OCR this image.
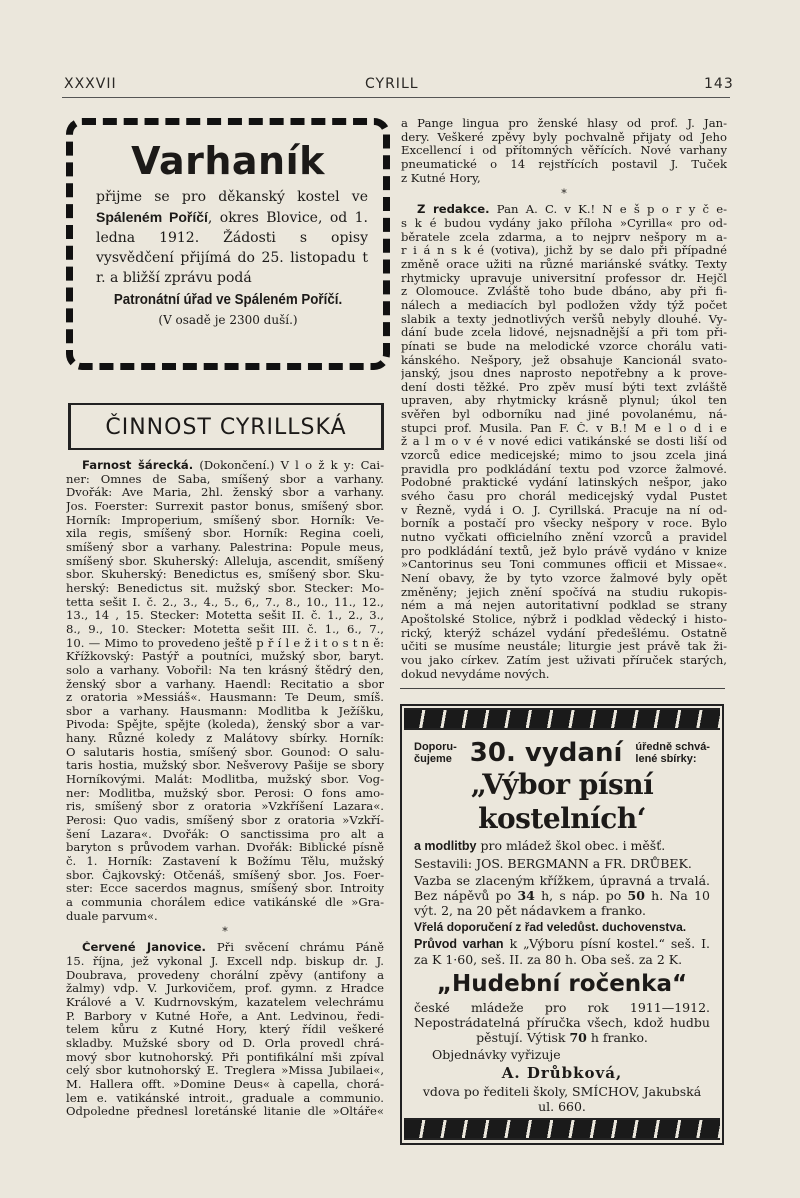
XXXVII	CYRILL	143
Varhaník
přijme se pro děkanský kostel ve Spáleném Poříčí, okres Blovice, od 1. ledna 1912. Žádosti s opisy vysvědčení přijímá do 25. listopadu t r. a bližší zprávu podá
Patronátní úřad ve Spáleném Poříčí.
(V osadě je 2300 duší.)
ČINNOST CYRILLSKÁ
Farnost šárecká. (Dokončení.) V l o ž k y: Cai-
ner: Omnes de Saba, smíšený sbor a varhany.
Dvořák: Ave Maria, 2hl. ženský sbor a varhany.
Jos. Foerster: Surrexit pastor bonus, smíšený sbor.
Horník: Improperium, smíšený sbor. Horník: Ve-
xila regis, smíšený sbor. Horník: Regina coeli,
smíšený sbor a varhany. Palestrina: Popule meus,
smíšený sbor. Skuherský: Alleluja, ascendit, smíšený
sbor. Skuherský: Benedictus es, smíšený sbor. Sku-
herský: Benedictus sit. mužský sbor. Stecker: Mo-
tetta sešit I. č. 2., 3., 4., 5., 6,, 7., 8., 10., 11., 12.,
13., 14 , 15. Stecker: Motetta sešit II. č. 1., 2., 3.,
8., 9., 10. Stecker: Motetta sešit III. č. 1., 6., 7.,
10. — Mimo to provedeno ještě p ř í l e ž i t o s t n ě:
Křížkovský: Pastýř a poutníci, mužský sbor, baryt.
solo a varhany. Vobořil: Na ten krásný štědrý den,
ženský sbor a varhany. Haendl: Recitatio a sbor
z oratoria »Messiáš«. Hausmann: Te Deum, smíš.
sbor a varhany. Hausmann: Modlitba k Ježíšku,
Pivoda: Spějte, spějte (koleda), ženský sbor a var-
hany. Různé koledy z Malátovy sbírky. Horník:
O salutaris hostia, smíšený sbor. Gounod: O salu-
taris hostia, mužský sbor. Nešverovy Pašije se sbory
Horníkovými. Malát: Modlitba, mužský sbor. Vog-
ner: Modlitba, mužský sbor. Perosi: O fons amo-
ris, smíšený sbor z oratoria »Vzkříšení Lazara«.
Perosi: Quo vadis, smíšený sbor z oratoria »Vzkří-
šení Lazara«. Dvořák: O sanctissima pro alt a
baryton s průvodem varhan. Dvořák: Biblické písně
č. 1. Horník: Zastavení k Božímu Tělu, mužský
sbor. Čajkovský: Otčenáš, smíšený sbor. Jos. Foer-
ster: Ecce sacerdos magnus, smíšený sbor. Introity
a communia chorálem edice vatikánské dle »Gra-
duale parvum«.
*
Červené Janovice. Při svěcení chrámu Páně
15. října, jež vykonal J. Excell ndp. biskup dr. J.
Doubrava, provedeny chorální zpěvy (antifony a
žalmy) vdp. V. Jurkovičem, prof. gymn. z Hradce
Králové a V. Kudrnovským, kazatelem velechrámu
P. Barbory v Kutné Hoře, a Ant. Ledvinou, ředi-
telem kůru z Kutné Hory, který řídil veškeré
skladby. Mužské sbory od D. Orla provedl chrá-
mový sbor kutnohorský. Při pontifikální mši zpíval
celý sbor kutnohorský E. Treglera »Missa Jubilaei«,
M. Hallera offt. »Domine Deus« à capella, chorá-
lem e. vatikánské introit., graduale a communio.
Odpoledne přednesl loretánské litanie dle »Oltáře«
a Pange lingua pro ženské hlasy od prof. J. Jan-
dery. Veškeré zpěvy byly pochvalně přijaty od Jeho
Excellencí i od přítomných věřících. Nové varhany
pneumatické o 14 rejstřících postavil J. Tuček
z Kutné Hory,
*
Z redakce. Pan A. C. v K.! N e š p o r y č e-
s k é budou vydány jako příloha »Cyrilla« pro od-
běratele zcela zdarma, a to nejprv nešpory m a-
r i á n s k é (votiva), jichž by se dalo při případné
změně orace užiti na různé mariánské svátky. Texty
rhytmicky upravuje universitní professor dr. Hejčl
z Olomouce. Zvláště toho bude dbáno, aby při fi-
nálech a mediacích byl podložen vždy týž počet
slabik a texty jednotlivých veršů nebyly dlouhé. Vy-
dání bude zcela lidové, nejsnadnější a při tom při-
pínati se bude na melodické vzorce chorálu vati-
kánského. Nešpory, jež obsahuje Kancionál svato-
janský, jsou dnes naprosto nepotřebny a k prove-
dení dosti těžké. Pro zpěv musí býti text zvláště
upraven, aby rhytmicky krásně plynul; úkol ten
svěřen byl odborníku nad jiné povolanému, ná-
stupci prof. Musila. Pan F. Č. v B.! M e l o d i e
ž a l m o v é v nové edici vatikánské se dosti liší od
vzorců edice medicejské; mimo to jsou zcela jiná
pravidla pro podkládání textu pod vzorce žalmové.
Podobné praktické vydání latinských nešpor, jako
svého času pro chorál medicejský vydal Pustet
v Řezně, vydá i O. J. Cyrillská. Pracuje na ní od-
borník a postačí pro všecky nešpory v roce. Bylo
nutno vyčkati officielního znění vzorců a pravidel
pro podkládání textů, jež bylo právě vydáno v knize
»Cantorinus seu Toni communes officii et Missae«.
Není obavy, že by tyto vzorce žalmové byly opět
změněny; jejich znění spočívá na studiu rukopis-
ném a má nejen autoritativní podklad se strany
Apoštolské Stolice, nýbrž i podklad vědecký i histo-
rický, kterýž scházel vydání předešlému. Ostatně
učiti se musíme neustále; liturgie jest právě tak ži-
vou jako církev. Zatím jest uživati příruček starých,
dokud nevydáme nových.
Doporu-
čujeme 30. vydaní úředně schvá-
lené sbírky:
„Výbor písní kostelních‘
a modlitby pro mládež škol obec. i měšť.
Sestavili: JOS. BERGMANN a FR. DRŮBEK.
Vazba se zlaceným křížkem, úpravná a trvalá. Bez nápěvů po 34 h, s náp. po 50 h. Na 10 výt. 2, na 20 pět nádavkem a franko.
Vřelá doporučení z řad veledůst. duchovenstva.
Průvod varhan k „Výboru písní kostel.“ seš. I. za K 1·60, seš. II. za 80 h. Oba seš. za 2 K.
„Hudební ročenka“
české mládeže pro rok 1911—1912. Nepostrádatelná příručka všech, kdož hudbu pěstují. Výtisk 70 h franko.
Objednávky vyřizuje
A. Drůbková,
vdova po řediteli školy, SMÍCHOV, Jakubská ul. 660.
